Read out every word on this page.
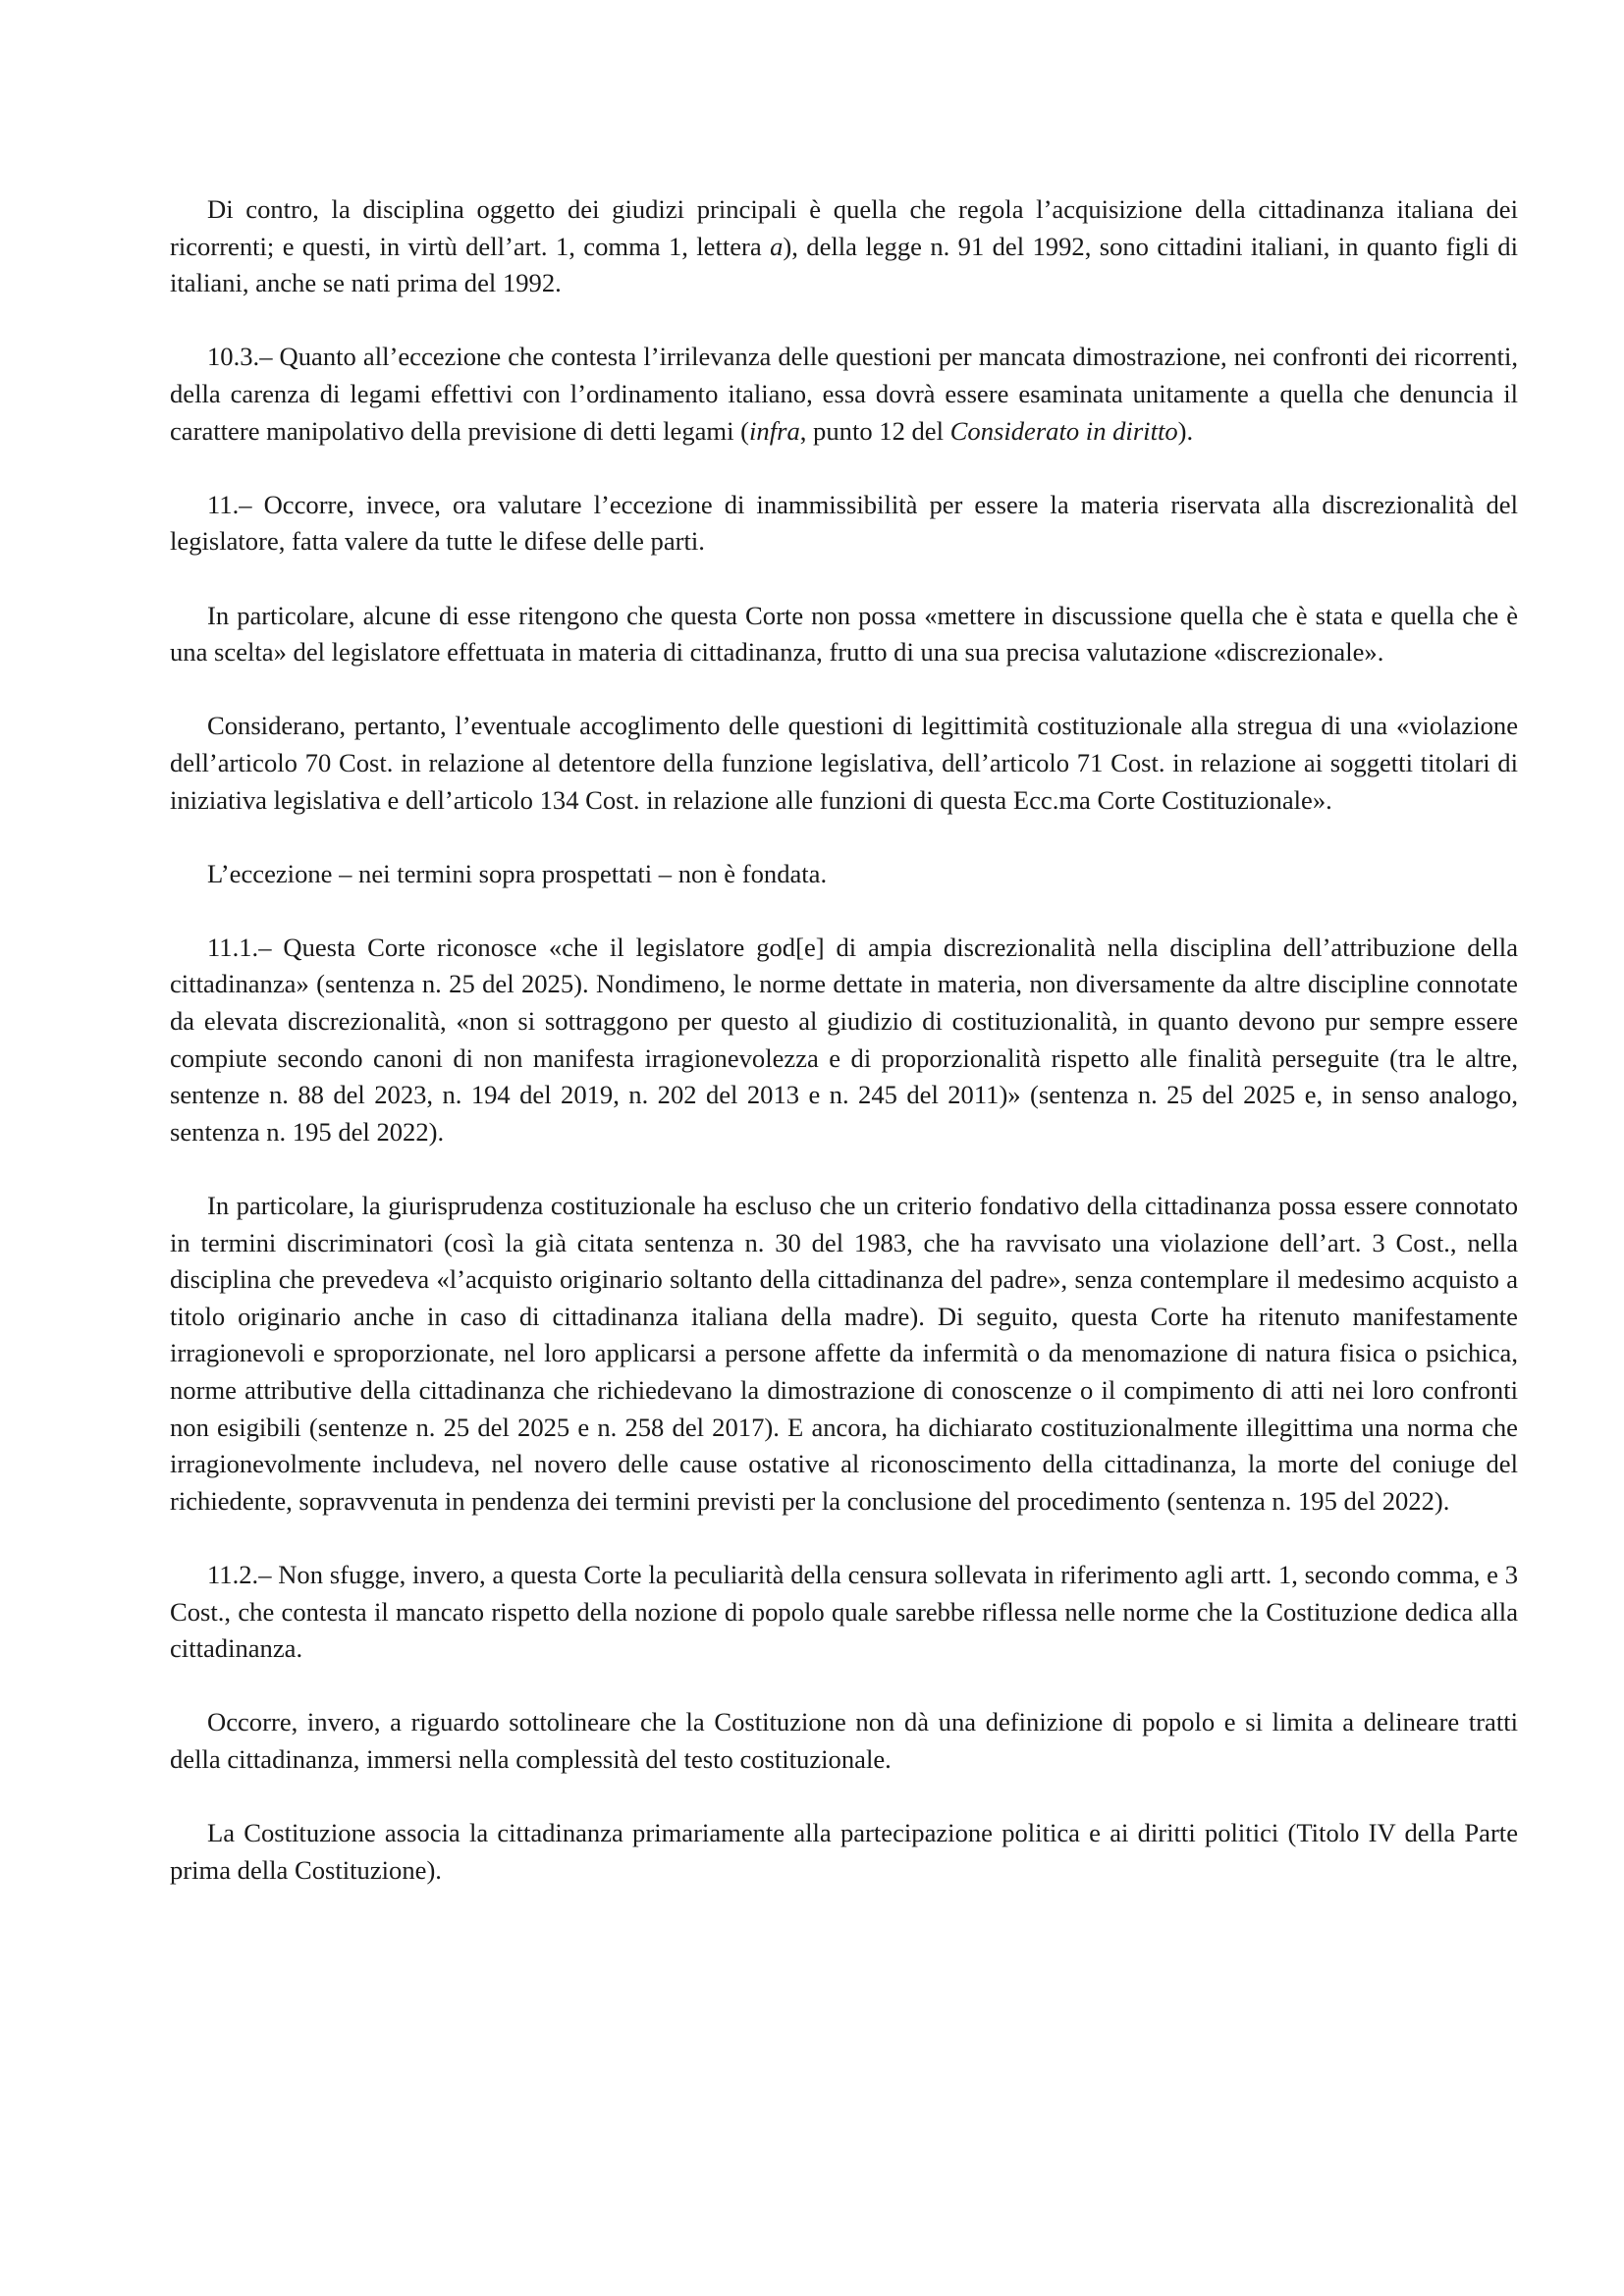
Di contro, la disciplina oggetto dei giudizi principali è quella che regola l’acquisizione della cittadinanza italiana dei ricorrenti; e questi, in virtù dell’art. 1, comma 1, lettera a), della legge n. 91 del 1992, sono cittadini italiani, in quanto figli di italiani, anche se nati prima del 1992.

10.3.– Quanto all’eccezione che contesta l’irrilevanza delle questioni per mancata dimostrazione, nei confronti dei ricorrenti, della carenza di legami effettivi con l’ordinamento italiano, essa dovrà essere esaminata unitamente a quella che denuncia il carattere manipolativo della previsione di detti legami (infra, punto 12 del Considerato in diritto).

11.– Occorre, invece, ora valutare l’eccezione di inammissibilità per essere la materia riservata alla discrezionalità del legislatore, fatta valere da tutte le difese delle parti.

In particolare, alcune di esse ritengono che questa Corte non possa «mettere in discussione quella che è stata e quella che è una scelta» del legislatore effettuata in materia di cittadinanza, frutto di una sua precisa valutazione «discrezionale».

Considerano, pertanto, l’eventuale accoglimento delle questioni di legittimità costituzionale alla stregua di una «violazione dell’articolo 70 Cost. in relazione al detentore della funzione legislativa, dell’articolo 71 Cost. in relazione ai soggetti titolari di iniziativa legislativa e dell’articolo 134 Cost. in relazione alle funzioni di questa Ecc.ma Corte Costituzionale».

L’eccezione – nei termini sopra prospettati – non è fondata.

11.1.– Questa Corte riconosce «che il legislatore god[e] di ampia discrezionalità nella disciplina dell’attribuzione della cittadinanza» (sentenza n. 25 del 2025). Nondimeno, le norme dettate in materia, non diversamente da altre discipline connotate da elevata discrezionalità, «non si sottraggono per questo al giudizio di costituzionalità, in quanto devono pur sempre essere compiute secondo canoni di non manifesta irragionevolezza e di proporzionalità rispetto alle finalità perseguite (tra le altre, sentenze n. 88 del 2023, n. 194 del 2019, n. 202 del 2013 e n. 245 del 2011)» (sentenza n. 25 del 2025 e, in senso analogo, sentenza n. 195 del 2022).

In particolare, la giurisprudenza costituzionale ha escluso che un criterio fondativo della cittadinanza possa essere connotato in termini discriminatori (così la già citata sentenza n. 30 del 1983, che ha ravvisato una violazione dell’art. 3 Cost., nella disciplina che prevedeva «l’acquisto originario soltanto della cittadinanza del padre», senza contemplare il medesimo acquisto a titolo originario anche in caso di cittadinanza italiana della madre). Di seguito, questa Corte ha ritenuto manifestamente irragionevoli e sproporzionate, nel loro applicarsi a persone affette da infermità o da menomazione di natura fisica o psichica, norme attributive della cittadinanza che richiedevano la dimostrazione di conoscenze o il compimento di atti nei loro confronti non esigibili (sentenze n. 25 del 2025 e n. 258 del 2017). E ancora, ha dichiarato costituzionalmente illegittima una norma che irragionevolmente includeva, nel novero delle cause ostative al riconoscimento della cittadinanza, la morte del coniuge del richiedente, sopravvenuta in pendenza dei termini previsti per la conclusione del procedimento (sentenza n. 195 del 2022).

11.2.– Non sfugge, invero, a questa Corte la peculiarità della censura sollevata in riferimento agli artt. 1, secondo comma, e 3 Cost., che contesta il mancato rispetto della nozione di popolo quale sarebbe riflessa nelle norme che la Costituzione dedica alla cittadinanza.

Occorre, invero, a riguardo sottolineare che la Costituzione non dà una definizione di popolo e si limita a delineare tratti della cittadinanza, immersi nella complessità del testo costituzionale.

La Costituzione associa la cittadinanza primariamente alla partecipazione politica e ai diritti politici (Titolo IV della Parte prima della Costituzione).
